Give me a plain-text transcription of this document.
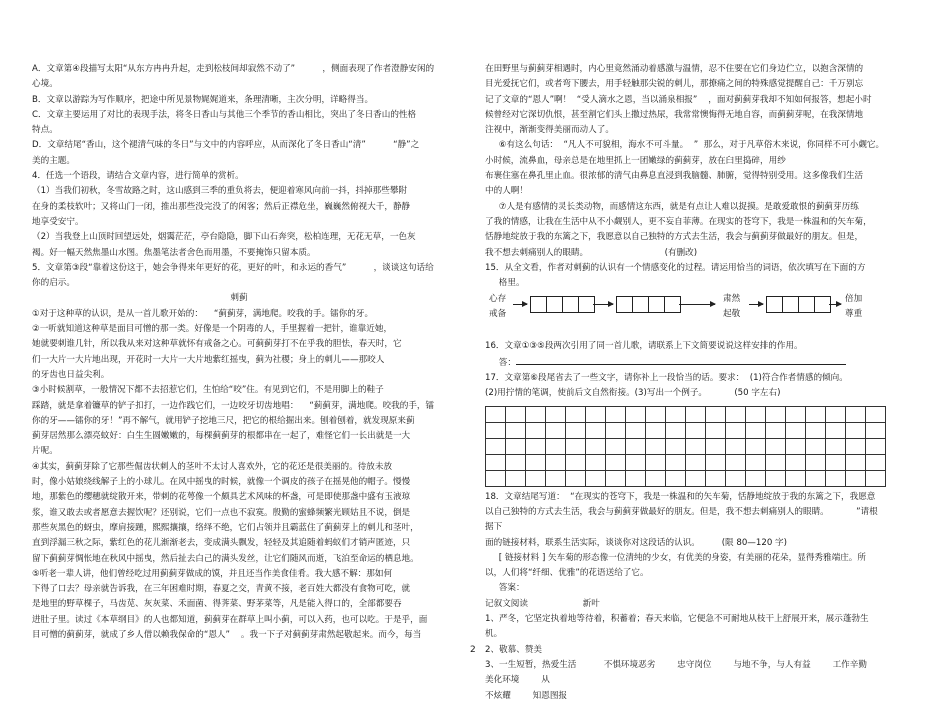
A．文章第④段描写太阳“从东方冉冉升起，走到松枝间却寂然不动了”          ，侧面表现了作者澄静安闲的

心境。

B．文章以游踪为写作顺序，把途中所见景物娓娓道来，条理清晰，主次分明，详略得当。

C．文章主要运用了对比的表现手法，将冬日香山与其他三个季节的香山相比，突出了冬日香山的性格

特点。

D．文章结尾“香山，这个褪清气味的冬日”与文中的内容呼应，从而深化了冬日香山“清”          “静”之

美的主题。

4．任选一个语段，请结合文章内容，进行简单的赏析。

（1）当我们初秋，冬雪故路之时，这山感到三季的重负将去，便迎着寒风向前一抖，抖掉那些攀附

在身的柔枝软叶；又将山门一闭，推出那些没完没了的闲客；然后正襟危坐，巍巍然俯视大千，静静

地享受安宁。

（2）当我登上山顶时回望远处，烟霭茫茫，亭台隐隐，脚下山石奔突，松柏连理，无花无草，一色灰

褐。好一幅天然焦墨山水图。焦墨笔法者舍色而用墨，不要掩饰只留本质。

5．文章第③段“靠着这份这于，她会争得来年更好的花，更好的叶，和永运的香气”          ，谈谈这句话给

你的启示。

刺蓟

①对于这种草的认识，是从一首儿歌开始的：    “蓟蓟芽，满地爬。咬我的手。镭你的牙。

②一听就知道这种草是面目可憎的那一类。好像是一个阴毒的人，手里握着一把针，谁靠近她，

她就要刺谁几针，所以我从来对这种草就怀有戒备之心。可蓟蓟芽打不在乎我的胆怯，春天时，它

们一大片一大片地出现，开花时一大片一大片地紫红摇曳，蓟为社稷；身上的刺儿——那咬人

的牙齿也日益尖利。

③小时候割草，一般情况下都不去招惹它们，生怕给“咬”住。有见到它们，不是用脚上的鞋子

踩踏，就是拿着镰草的铲子扣打，一边作践它们，一边咬牙切齿地唱：    “蓟蓟芽，满地爬。咬我的手，镭

你的牙——镭你的牙！”再不解气，就用铲子挖地三尺，把它的根给掘出来。刨着刨着，就发现原来蓟

蓟芽居然那么漂亮蚊好：白生生圆嫩嫩的，每棵蓟蓟芽的根都串在一起了，难怪它们一长出就是一大

片呢。

④其实，蓟蓟芽除了它那些倔齿状刺人的茎叶不太讨人喜欢外，它的花还是很美丽的。待放未放

时，像小姑娘绕线解子上的小球儿。在风中摇曳的时候，就像一个调皮的孩子在摇晃他的帽子。慢慢

地，那紫色的缨穗就绽散开来，带刺的花萼像一个颇具艺术风味的杯盏，可是即使那盏中盛有玉液琼

浆，谁又敢去或者愿意去握饮呢？还别说，它们一点也不寂寞。殷勤的蜜蜂频繁光顾姑且不说，倒是

那些灰黑色的蚜虫，摩肩接踵，熙熙攘攘，络绎不绝，它们占领并且霸蓝住了蓟蓟芽上的刺儿和茎叶，

直到浮漏三秋之际，紫红色的花儿渐渐老去，变成满头飘发，轻轻及其追随着蚂蚁们才销声匿迹，只

留下蓟蓟芽惆怅地在秋风中摇曳，然后扯去白己的满头发丝，让它们随风而逝，飞泊至命运的栖息地。

⑤听老一辈人讲，他们曾经吃过用蓟蓟芽做成的馍，并且还当作美食佳肴。我大感不解：那如何

下得了口去？母亲就告诉我，在三年困难时期，春夏之交，青黄不接，老百姓大都没有食物可吃，就

是地里的野草棵子，马齿苋、灰灰菜、禾面菌、得荠菜、野茅菜等，凡是能入得口的，全部都要吞

进肚子里。读过《本草纲目》的人也都知道，蓟蓟芽在群草上叫小蓟，可以入药，也可以吃。于是乎，面

目可憎的蓟蓟芽，就成了乡人借以赖我保命的“恩人”    。我一下子对蓟蓟芽肃然起敬起来。而今，每当

在田野里与蓟蓟芽相遇时，内心里竟然涌动着感激与温情，忍不住要在它们身边伫立，以抱含深情的

目光爱抚它们，或者弯下腰去，用手轻触那尖锐的刺儿，那撩痛之间的特殊感觉提醒自己：千万别忘

记了文章的“恩人”啊！  “受人滴水之恩，当以涌泉相报”    ，面对蓟蓟芽我却不知如何报答，想起小时

候曾经对它深切仇恨，甚至割它们头上撒过热尿，我常常懊悔得无地自容，而蓟蓟芽呢，在我深情地

注视中，渐渐变得美丽而动人了。

⑥有这么句话：  “凡人不可貌相，海水不可斗量。  ”  那么，对于凡草俗木来说，你同样不可小觑它。

小时候，流鼻血，母亲总是在地里抓上一团嫩绿的蓟蓟芽，放在臼里捣碎，用纱

布裹住塞在鼻孔里止血。很浓郁的清气由鼻息直浸到我脑髓、肺腑，觉得特别受用。这多像我们生活

中的人啊！

⑦人是有感情的灵长类动物，而感情这东西，就是有点让人难以捉摸。是敢爱敢恨的蓟蓟芽历练

了我的情感，让我在生活中从不小觑别人，更不妄自菲薄。在现实的苍穹下，我是一株温和的矢车菊，

恬静地绽放于我的东篱之下，我愿意以自己独特的方式去生活，我会与蓟蓟芽做最好的朋友。但是，

我不想去刺痛别人的眼睛。                            (有删改)

15．从全文看，作者对刺蓟的认识有一个情感变化的过程。请运用恰当的词语，依次填写在下面的方

格里。

心存
戒备
肃然
起敬
倍加
尊重

16．文章①③⑤段两次引用了同一首儿歌，请联系上下文简要说说这样安排的作用。

答：

17．文章第⑥段尾省去了一些文字，请你补上一段恰当的话。要求：  (1)符合作者情感的倾向。

(2)用拧情的笔调，使前后文自然衔接。(3)写出一个例子。          (50 字左右)

18．文章结尾写道：  “在现实的苍穹下，我是一株温和的矢车菊，恬静地绽放于我的东篱之下，我愿意

以自己独特的方式去生活，我会与蓟蓟芽做最好的朋友。但是，我不想去刺痛别人的眼睛。          ”请根据下

面的链接材料，联系生活实际，谈谈你对这段话的认识。        (限 80—120 字)

[ 链接材料 ] 矢车菊的形态像一位清纯的少女，有优美的身姿，有美丽的花朵，显得秀雅端庄。所

以，人们将“纤细、优雅”的花语送给了它。

答案：

记叙文阅读                    新叶

1、严冬，它坚定执着地等待着，积蓄着；春天来临，它便急不可耐地从枝干上舒展开来，展示蓬勃生

机。

2、敬慕、赞美

3、一生短暂，热爱生活          不惧环境恶劣        忠守岗位        与地不争，与人有益        工作辛勤        美化环境        从

不炫耀        知恩图报

2
